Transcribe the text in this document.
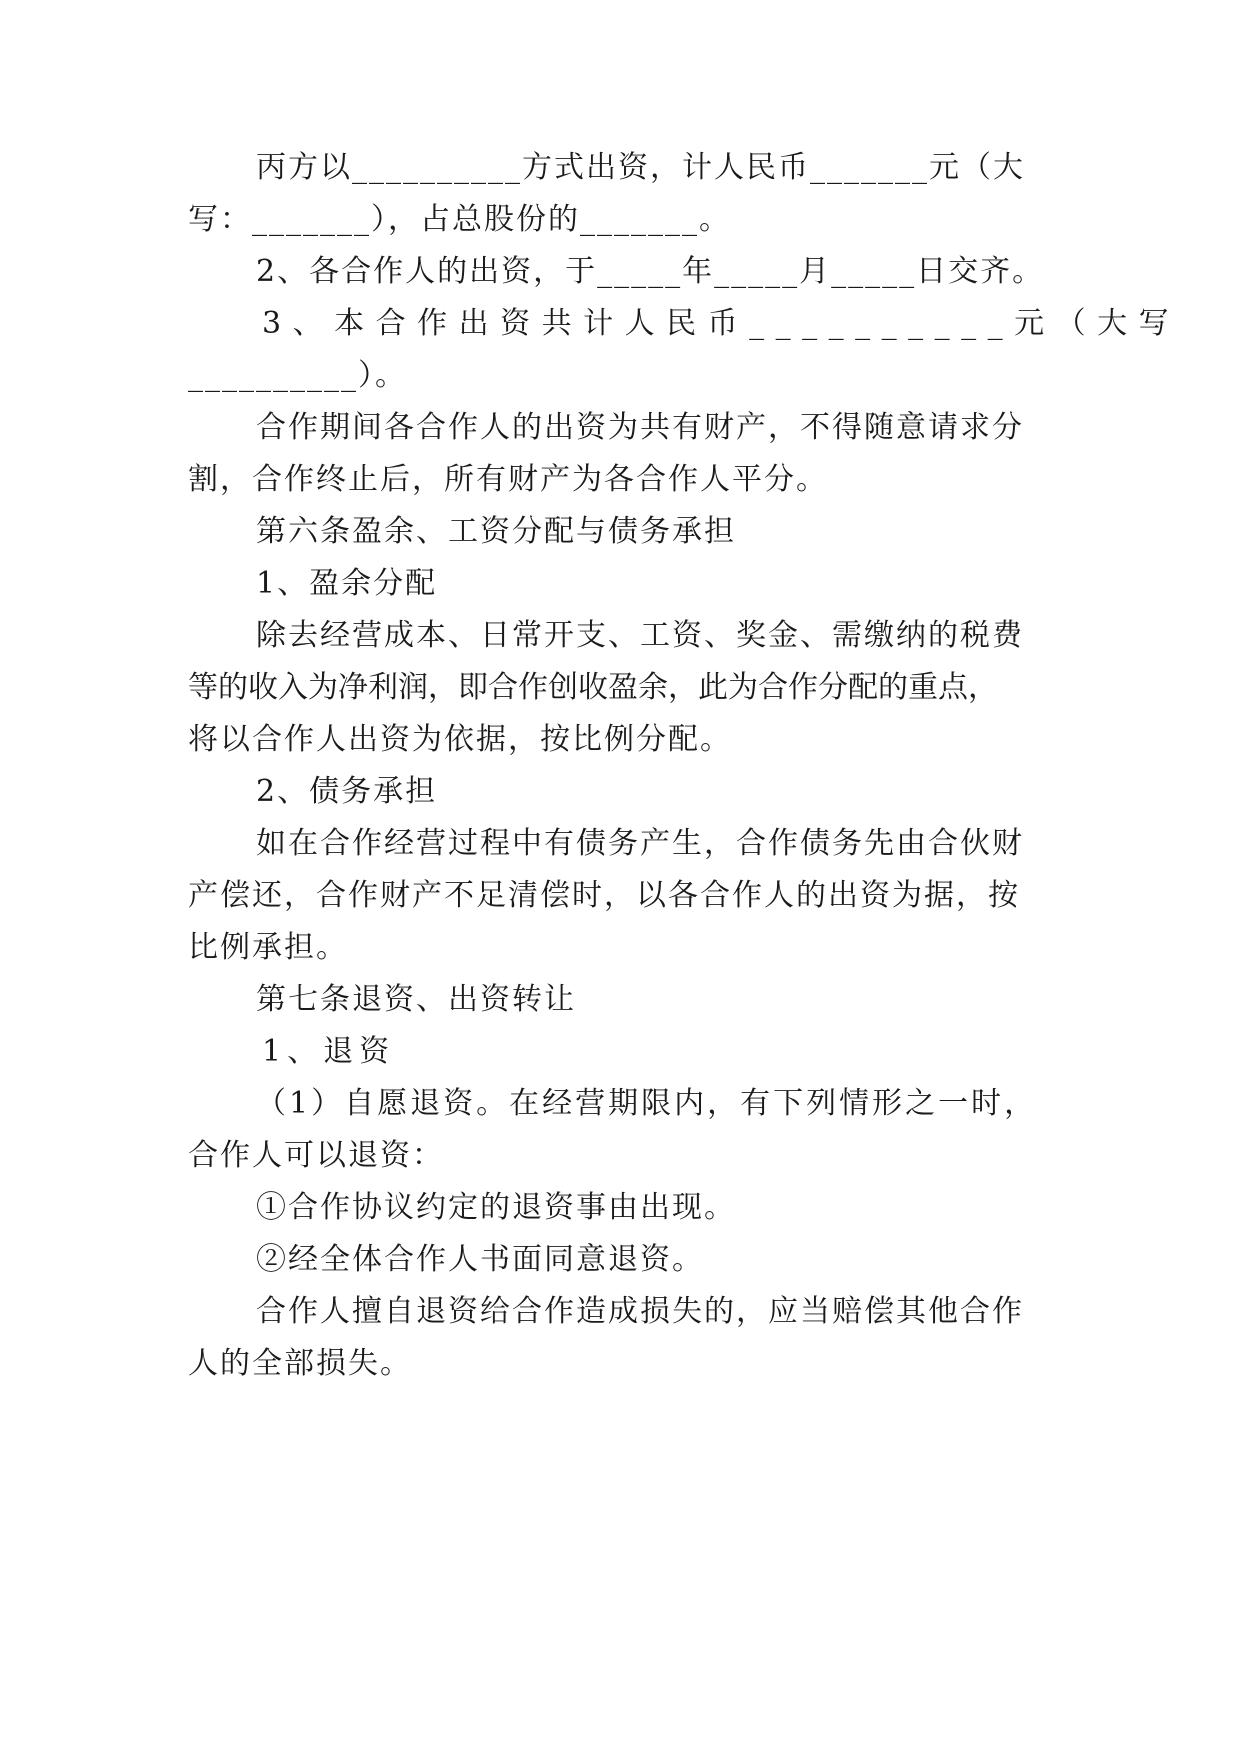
丙方以__________方式出资，计人民币_______元（大
写：_______），占总股份的_______。
2、各合作人的出资，于_____年_____月_____日交齐。
3、本合作出资共计人民币__________元（大写
__________）。
合作期间各合作人的出资为共有财产，不得随意请求分
割，合作终止后，所有财产为各合作人平分。
第六条盈余、工资分配与债务承担
1、盈余分配
除去经营成本、日常开支、工资、奖金、需缴纳的税费
等的收入为净利润，即合作创收盈余，此为合作分配的重点，
将以合作人出资为依据，按比例分配。
2、债务承担
如在合作经营过程中有债务产生，合作债务先由合伙财
产偿还，合作财产不足清偿时，以各合作人的出资为据，按
比例承担。
第七条退资、出资转让
1、退资
（1）自愿退资。在经营期限内，有下列情形之一时，
合作人可以退资：
①合作协议约定的退资事由出现。
②经全体合作人书面同意退资。
合作人擅自退资给合作造成损失的，应当赔偿其他合作
人的全部损失。
